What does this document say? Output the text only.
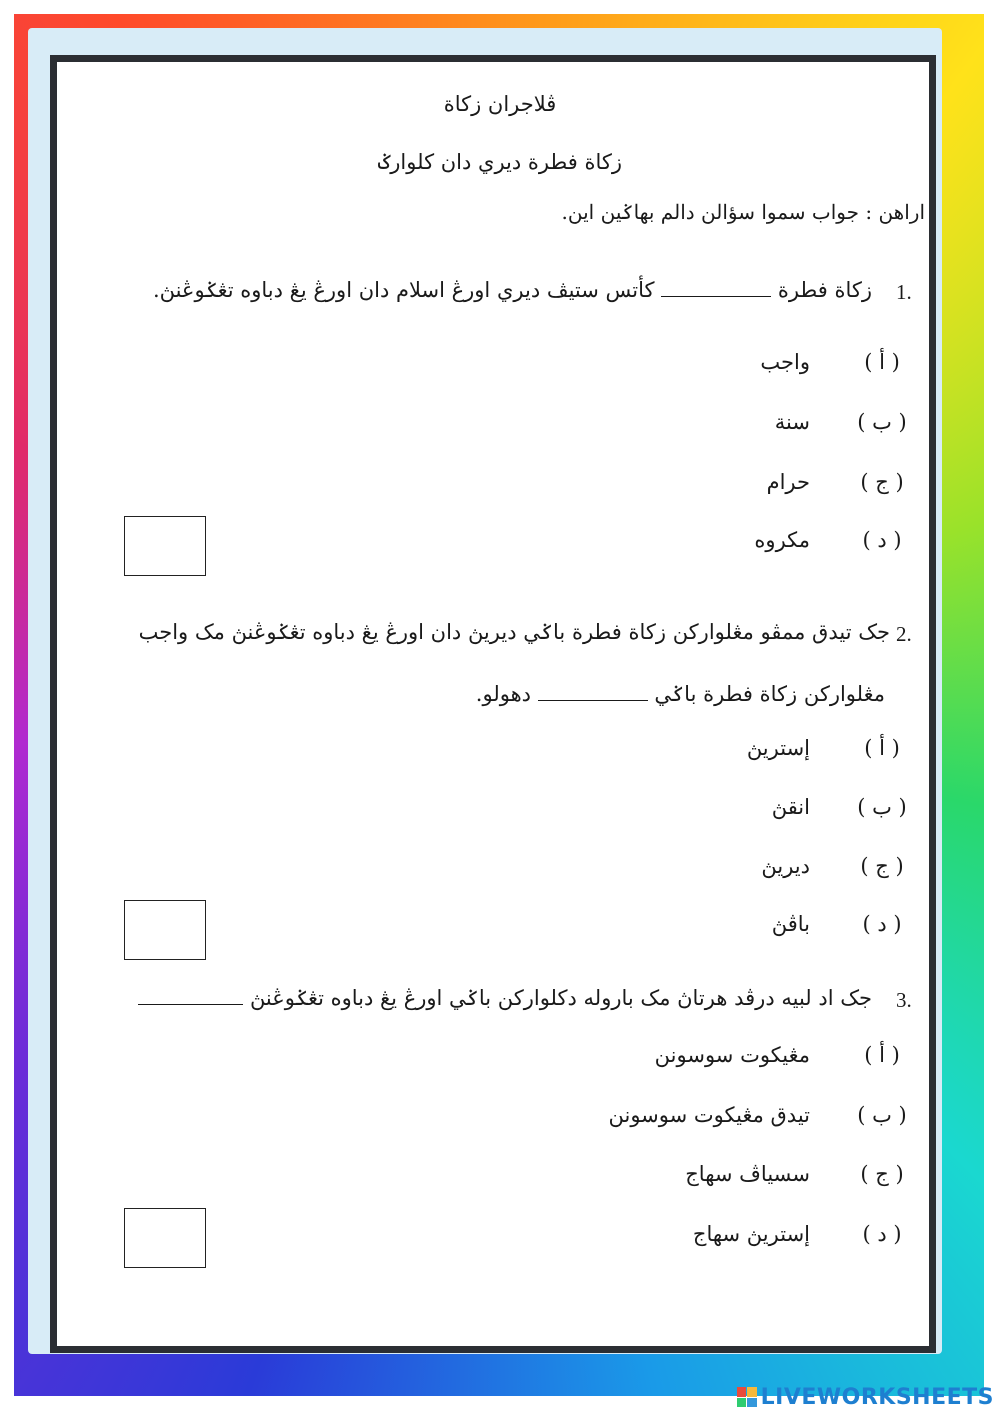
ڤلاجران زكاة
زكاة فطرة ديري دان كلوارݢ
اراهن : جواب سموا سؤالن دالم بهاݢين اين.
1.
زكاة فطرة  كأتس ستيڤ ديري اورڠ اسلام دان اورڠ يڠ دباوه تڠݢوڠنڽ.
( أ )
واجب
( ب )
سنة
( ج )
حرام
( د )
مكروه
2.
جک تيدق ممڤو مڠلواركن زكاة فطرة باݢي ديريڽ دان اورڠ يڠ دباوه تڠݢوڠنڽ مک واجب
مڠلواركن زكاة فطرة باݢي  دهولو.
( أ )
إستريڽ
( ب )
انقڽ
( ج )
ديريڽ
( د )
باڤڽ
3.
جک اد لبيه درڤد هرتاڽ مک باروله دكلواركن باݢي اورڠ يڠ دباوه تڠݢوڠنڽ
( أ )
مڠيکوت سوسونن
( ب )
تيدق مڠيکوت سوسونن
( ج )
سسياڤ سهاج
( د )
إستريڽ سهاج
LIVEWORKSHEETS
